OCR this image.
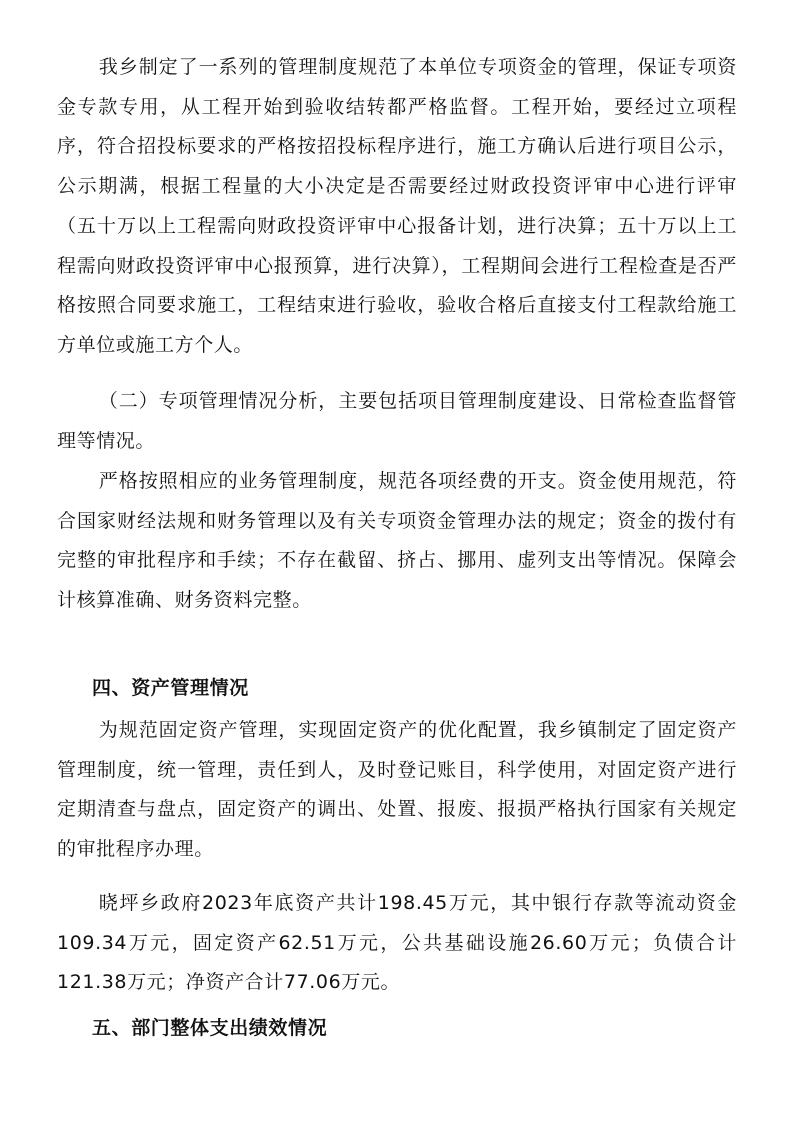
我乡制定了一系列的管理制度规范了本单位专项资金的管理，保证专项资金专款专用，从工程开始到验收结转都严格监督。工程开始，要经过立项程序，符合招投标要求的严格按招投标程序进行，施工方确认后进行项目公示，公示期满，根据工程量的大小决定是否需要经过财政投资评审中心进行评审（五十万以上工程需向财政投资评审中心报备计划，进行决算；五十万以上工程需向财政投资评审中心报预算，进行决算），工程期间会进行工程检查是否严格按照合同要求施工，工程结束进行验收，验收合格后直接支付工程款给施工方单位或施工方个人。

（二）专项管理情况分析，主要包括项目管理制度建设、日常检查监督管理等情况。

严格按照相应的业务管理制度，规范各项经费的开支。资金使用规范，符合国家财经法规和财务管理以及有关专项资金管理办法的规定；资金的拨付有完整的审批程序和手续；不存在截留、挤占、挪用、虚列支出等情况。保障会计核算准确、财务资料完整。

四、资产管理情况

为规范固定资产管理，实现固定资产的优化配置，我乡镇制定了固定资产管理制度，统一管理，责任到人，及时登记账目，科学使用，对固定资产进行定期清查与盘点，固定资产的调出、处置、报废、报损严格执行国家有关规定的审批程序办理。

晓坪乡政府2023年底资产共计198.45万元，其中银行存款等流动资金109.34万元，固定资产62.51万元，公共基础设施26.60万元；负债合计121.38万元；净资产合计77.06万元。

五、部门整体支出绩效情况
